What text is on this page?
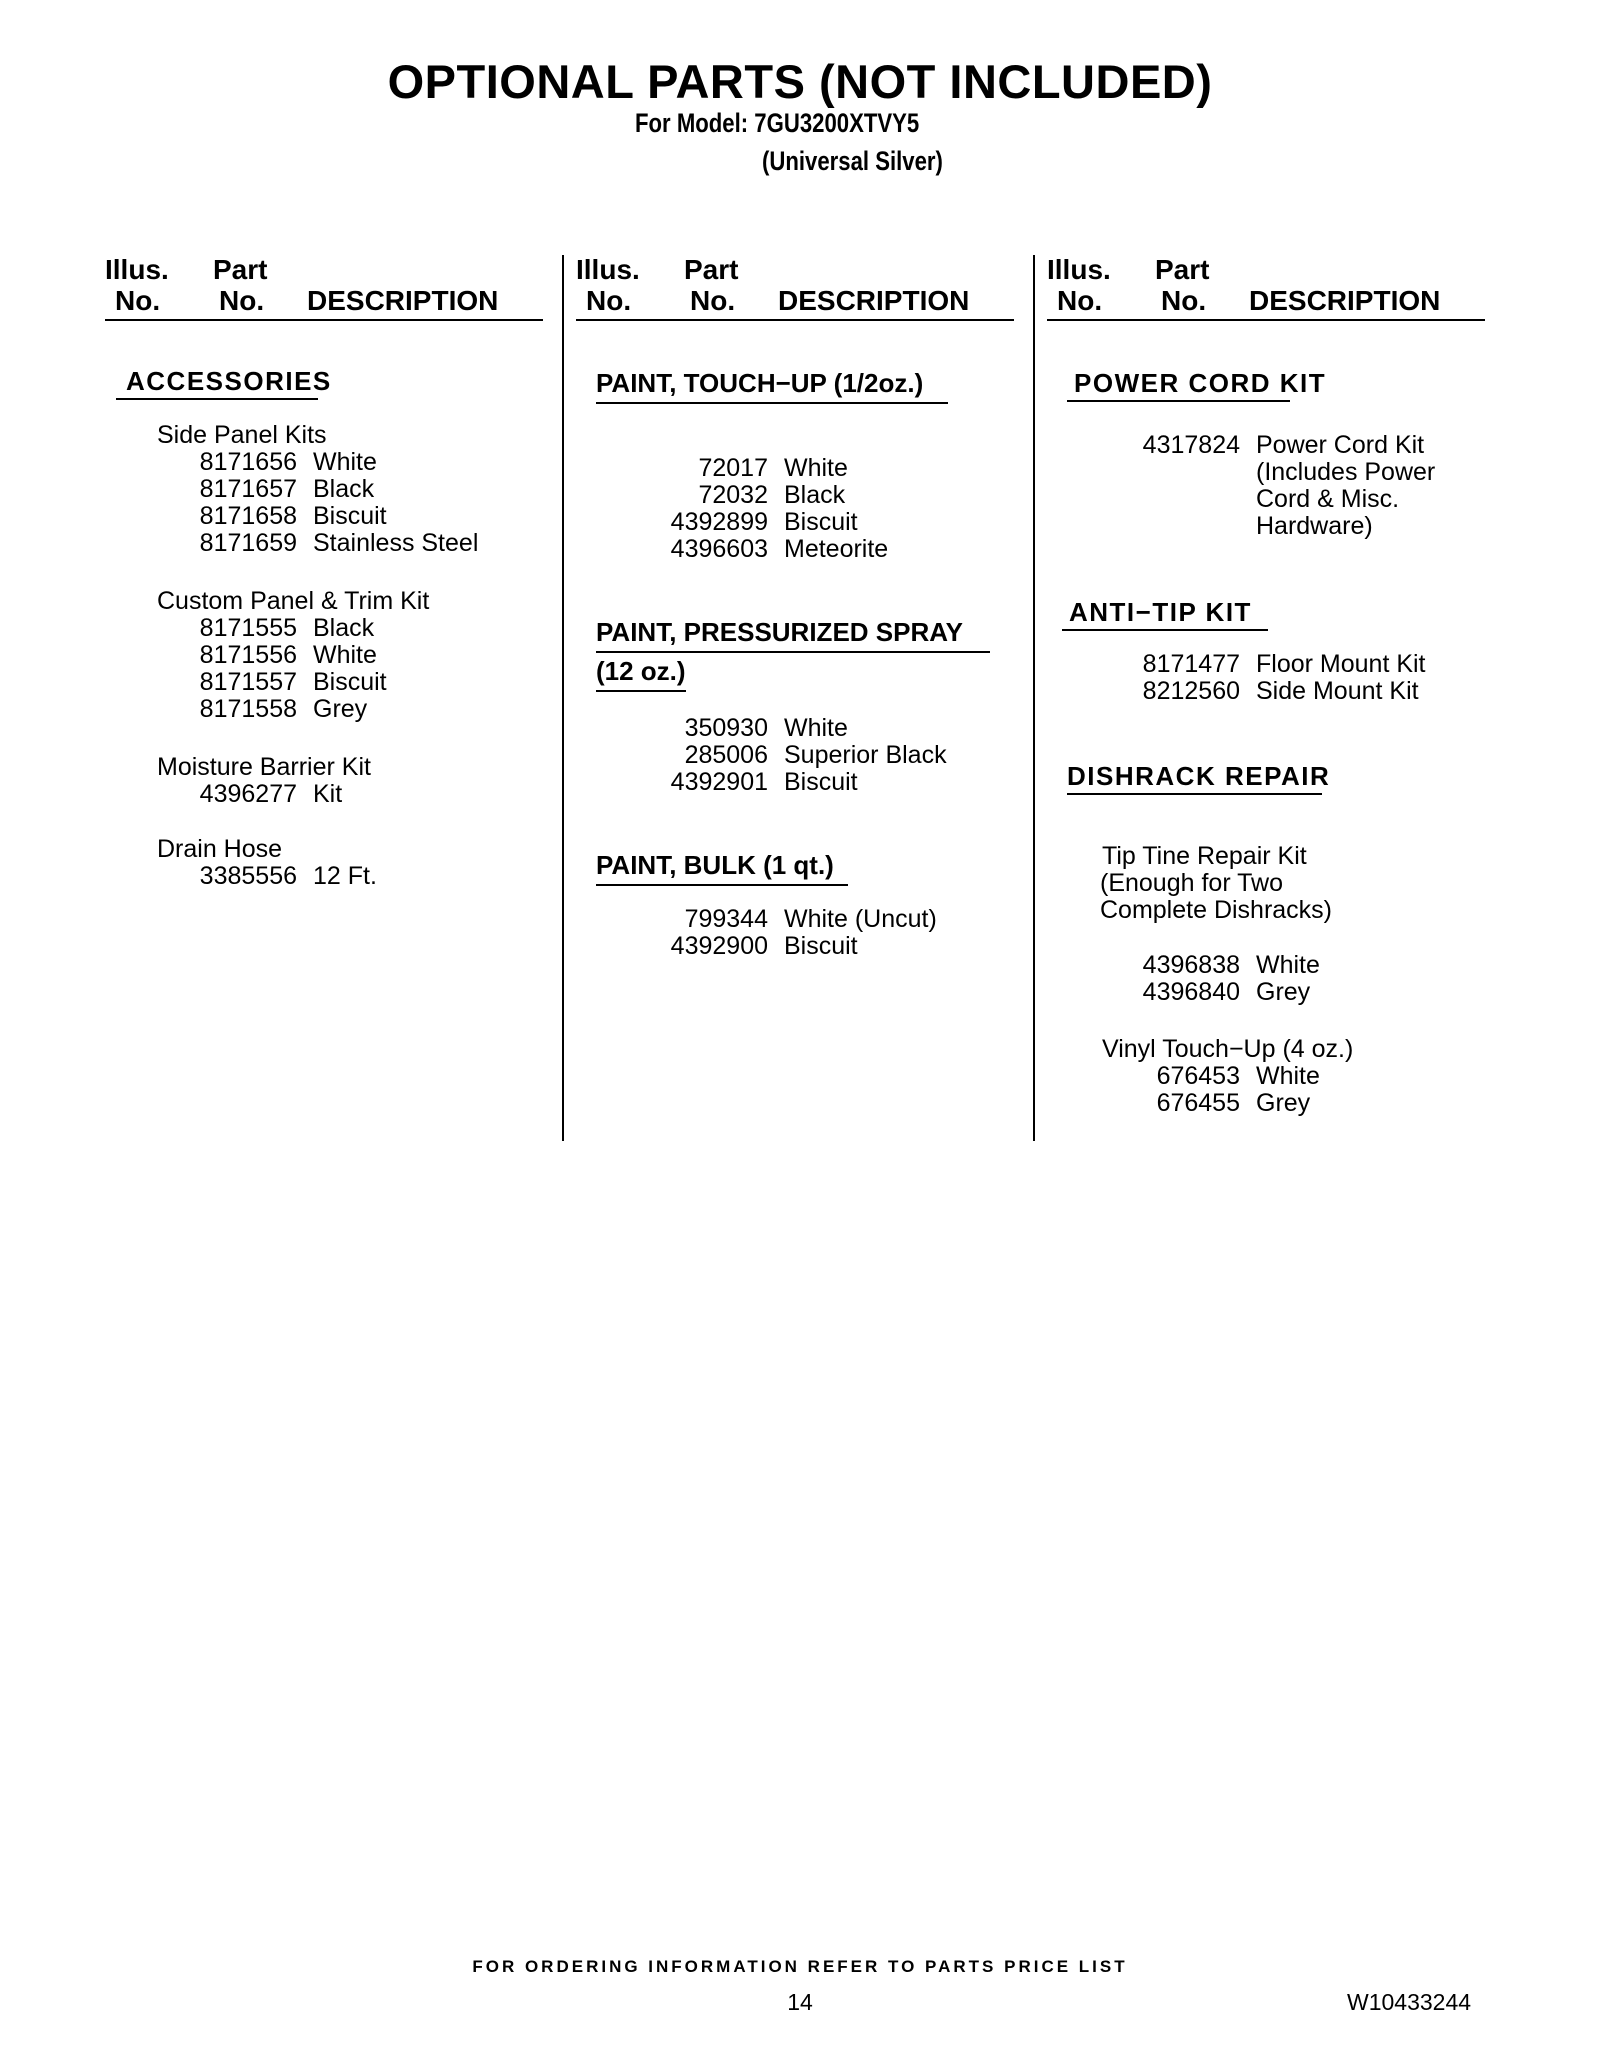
OPTIONAL PARTS (NOT INCLUDED)
For Model: 7GU3200XTVY5
(Universal Silver)
Illus.
No.
Part
No. DESCRIPTION
Illus.
No.
Part
No. DESCRIPTION
Illus.
No.
Part
No. DESCRIPTION
ACCESSORIES
Side Panel Kits
8171656 White
8171657 Black
8171658 Biscuit
8171659 Stainless Steel
Custom Panel & Trim Kit
8171555 Black
8171556 White
8171557 Biscuit
8171558 Grey
Moisture Barrier Kit
4396277 Kit
Drain Hose
3385556 12 Ft.
PAINT, TOUCH−UP (1/2oz.)
72017 White
72032 Black
4392899 Biscuit
4396603 Meteorite
PAINT, PRESSURIZED SPRAY
(12 oz.)
350930 White
285006 Superior Black
4392901 Biscuit
PAINT, BULK (1 qt.)
799344 White (Uncut)
4392900 Biscuit
POWER CORD KIT
4317824 Power Cord Kit
(Includes Power
Cord & Misc.
Hardware)
ANTI−TIP KIT
8171477 Floor Mount Kit
8212560 Side Mount Kit
DISHRACK REPAIR
Tip Tine Repair Kit
(Enough for Two
Complete Dishracks)
4396838 White
4396840 Grey
Vinyl Touch−Up (4 oz.)
676453 White
676455 Grey
FOR ORDERING INFORMATION REFER TO PARTS PRICE LIST
14	W10433244
